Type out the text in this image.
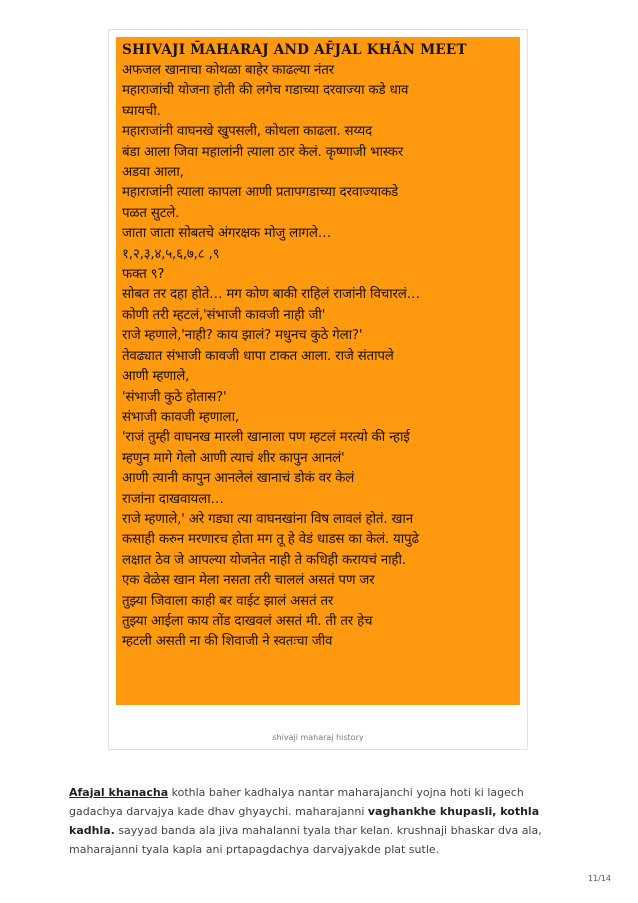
SHIVAJI M̄AHARAJ AND AF̄JAL KHĀN MEET
अफजल खानाचा कोथळा बाहेर काढल्या नंतर
महाराजांची योजना होती की लगेच गडाच्या दरवाज्या कडे धाव
घ्यायची.
महाराजांनी वाघनखे खुपसली, कोथला काढला. सय्यद
बंडा आला जिवा महालांनी त्याला ठार केलं. कृष्णाजी भास्कर
अडवा आला,
महाराजांनी त्याला कापला आणी प्रतापगडाच्या दरवाज्याकडे
पळत सुटले.
जाता जाता सोबतचे अंगरक्षक मोजु लागले…
१,२,३,४,५,६,७,८ ,९
फक्त ९?
सोबत तर दहा होते… मग कोण बाकी राहिलं राजांनी विचारलं…
कोणी तरी म्हटलं,'संभाजी कावजी नाही जी'
राजे म्हणाले,'नाही? काय झालं? मधुनच कुठे गेला?'
तेवढ्यात संभाजी कावजी धापा टाकत आला. राजे संतापले
आणी म्हणाले,
'संभाजी कुठे होतास?'
संभाजी कावजी म्हणाला,
'राजं तुम्ही वाघनख मारली खानाला पण म्हटलं मरत्यो की न्हाई
म्हणुन मागे गेलो आणी त्याचं शीर कापुन आनलं'
आणी त्यानी कापुन आनलेलं खानाचं डोकं वर केलं
राजांना दाखवायला…
राजे म्हणाले,' अरे गड्या त्या वाघनखांना विष लावलं होतं. खान
कसाही करुन मरणारच होता मग तू हे वेडं धाडस का केलं. यापुढे
लक्षात ठेव जे आपल्या योजनेत नाही ते कधिही करायचं नाही.
एक वेळेस खान मेला नसता तरी चाललं असतं पण जर
तुझ्या जिवाला काही बर वाईट झालं असतं तर
तुझ्या आईला काय तोंड दाखवलं असतं मी. ती तर हेच
म्हटली असती ना की शिवाजी ने स्वतःचा जीव
shivaji maharaj history

Afajal khanacha kothla baher kadhalya nantar maharajanchi yojna hoti ki lagech gadachya darvajya kade dhav ghyaychi. maharajanni vaghankhe khupasli, kothla kadhla. sayyad banda ala jiva mahalanni tyala thar kelan. krushnaji bhaskar dva ala, maharajanni tyala kapla ani prtapagdachya darvajyakde plat sutle.

11/14
